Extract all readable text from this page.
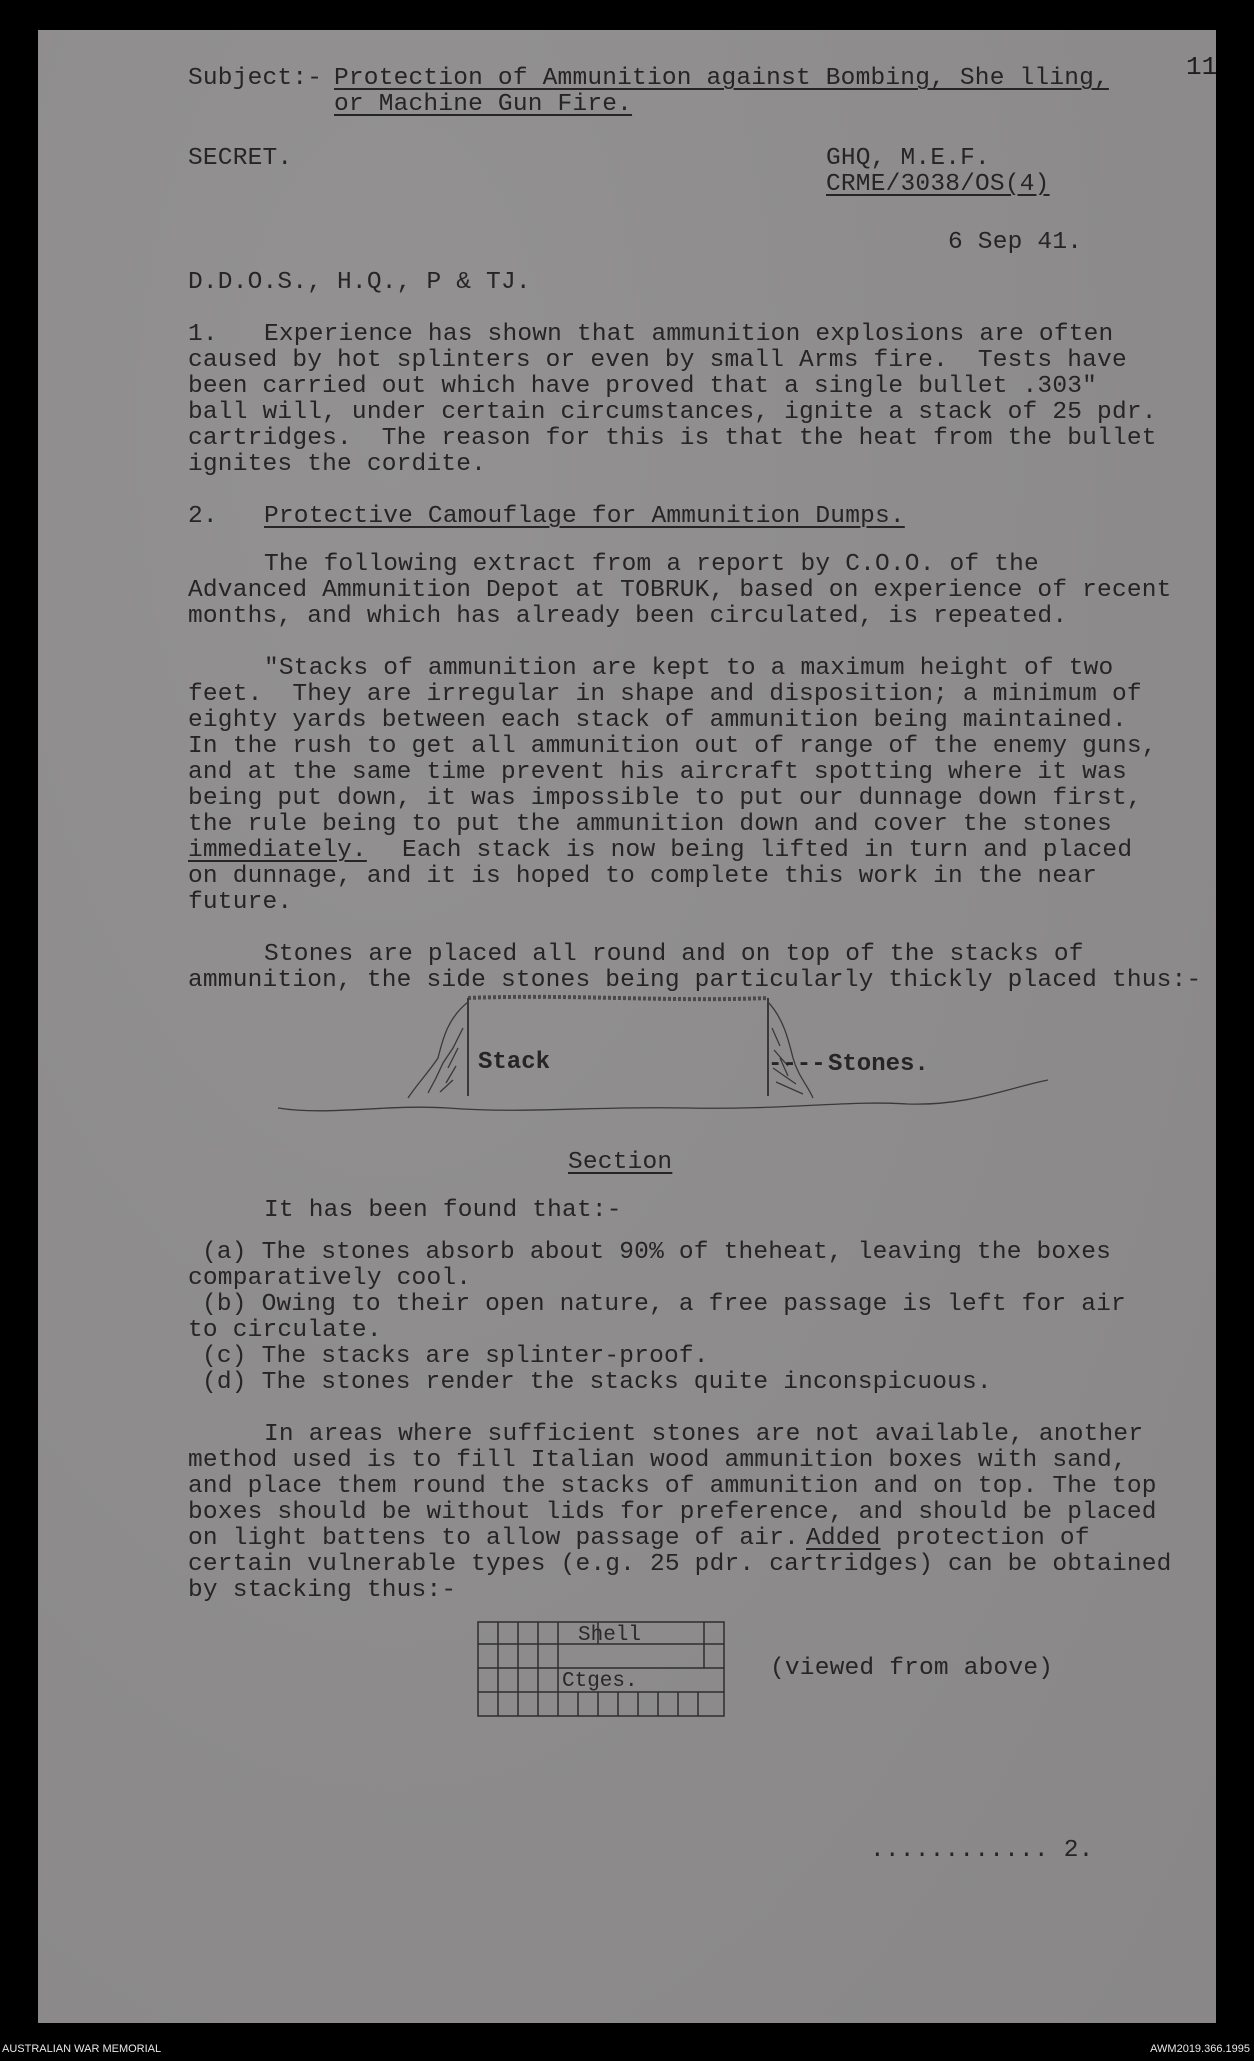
11
Subject:- Protection of Ammunition against Bombing, She lling,
or Machine Gun Fire.
SECRET.	GHQ, M.E.F.
CRME/3038/OS(4)
6 Sep 41.
D.D.O.S., H.Q., P & TJ.
1. Experience has shown that ammunition explosions are often
caused by hot splinters or even by small Arms fire.  Tests have
been carried out which have proved that a single bullet .303"
ball will, under certain circumstances, ignite a stack of 25 pdr.
cartridges.  The reason for this is that the heat from the bullet
ignites the cordite.
2. Protective Camouflage for Ammunition Dumps.
The following extract from a report by C.O.O. of the
Advanced Ammunition Depot at TOBRUK, based on experience of recent
months, and which has already been circulated, is repeated.
"Stacks of ammunition are kept to a maximum height of two
feet.  They are irregular in shape and disposition; a minimum of
eighty yards between each stack of ammunition being maintained.
In the rush to get all ammunition out of range of the enemy guns,
and at the same time prevent his aircraft spotting where it was
being put down, it was impossible to put our dunnage down first,
the rule being to put the ammunition down and cover the stones
immediately. Each stack is now being lifted in turn and placed
on dunnage, and it is hoped to complete this work in the near
future.
Stones are placed all round and on top of the stacks of
ammunition, the side stones being particularly thickly placed thus:-
Stack	---- Stones.
Section
It has been found that:-
(a) The stones absorb about 90% of theheat, leaving the boxes
comparatively cool.
(b) Owing to their open nature, a free passage is left for air
to circulate.
(c) The stacks are splinter-proof.
(d) The stones render the stacks quite inconspicuous.
In areas where sufficient stones are not available, another
method used is to fill Italian wood ammunition boxes with sand,
and place them round the stacks of ammunition and on top. The top
boxes should be without lids for preference, and should be placed
on light battens to allow passage of air. Added protection of
certain vulnerable types (e.g. 25 pdr. cartridges) can be obtained
by stacking thus:-
Shell
Ctges.	(viewed from above)
............ 2.
AUSTRALIAN WAR MEMORIAL	AWM2019.366.1995
